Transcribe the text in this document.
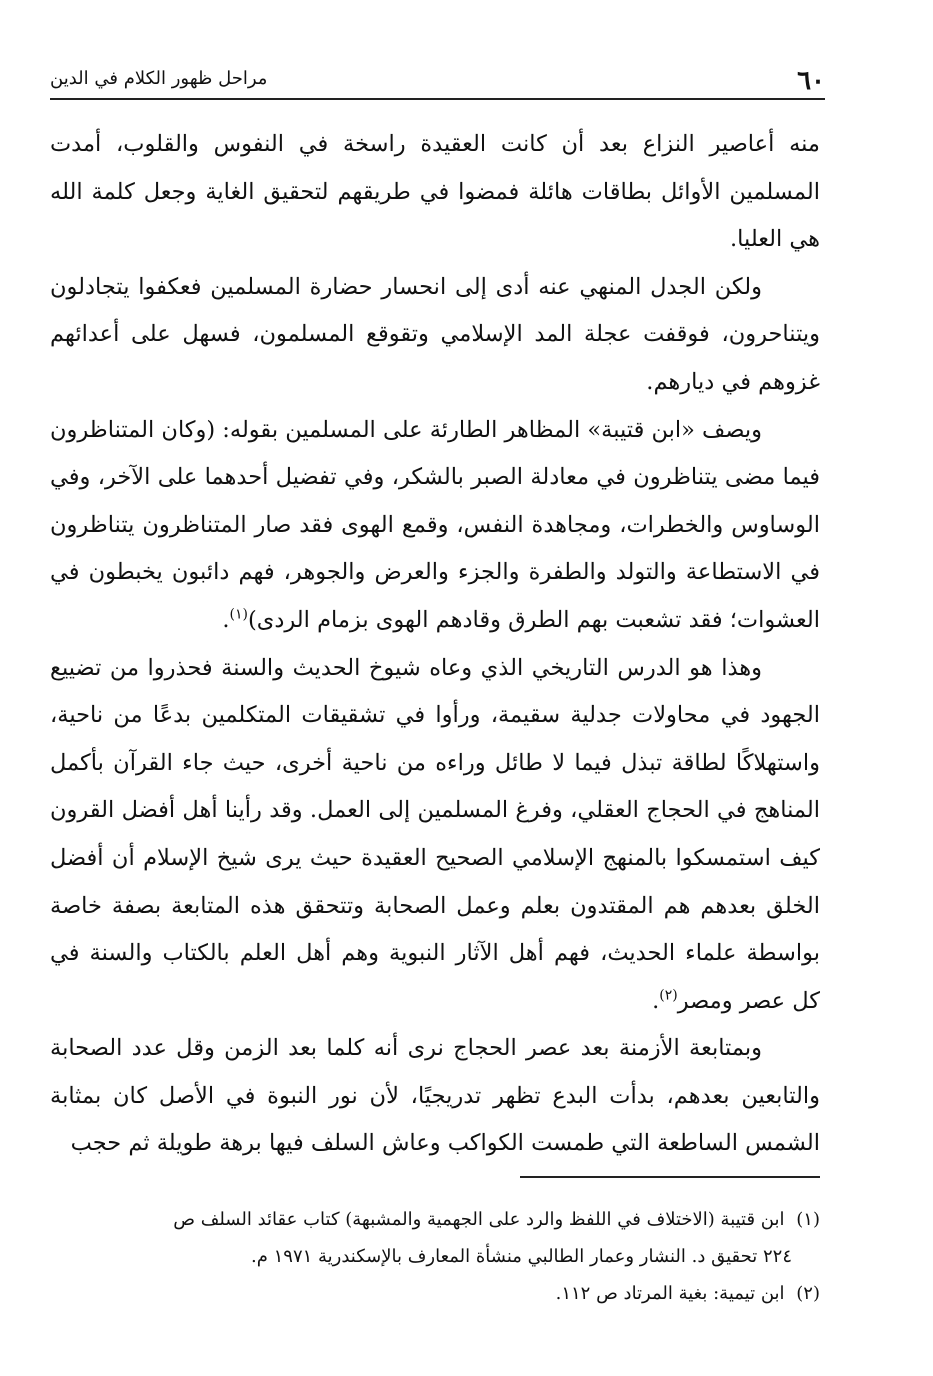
٦٠
مراحل ظهور الكلام في الدين

منه أعاصير النزاع بعد أن كانت العقيدة راسخة في النفوس والقلوب، أمدت المسلمين الأوائل بطاقات هائلة فمضوا في طريقهم لتحقيق الغاية وجعل كلمة الله هي العليا.

ولكن الجدل المنهي عنه أدى إلى انحسار حضارة المسلمين فعكفوا يتجادلون ويتناحرون، فوقفت عجلة المد الإسلامي وتقوقع المسلمون، فسهل على أعدائهم غزوهم في ديارهم.

ويصف «ابن قتيبة» المظاهر الطارئة على المسلمين بقوله: (وكان المتناظرون فيما مضى يتناظرون في معادلة الصبر بالشكر، وفي تفضيل أحدهما على الآخر، وفي الوساوس والخطرات، ومجاهدة النفس، وقمع الهوى فقد صار المتناظرون يتناظرون في الاستطاعة والتولد والطفرة والجزء والعرض والجوهر، فهم دائبون يخبطون في العشوات؛ فقد تشعبت بهم الطرق وقادهم الهوى بزمام الردى)$^{(١)}$.

وهذا هو الدرس التاريخي الذي وعاه شيوخ الحديث والسنة فحذروا من تضييع الجهود في محاولات جدلية سقيمة، ورأوا في تشقيقات المتكلمين بدعًا من ناحية، واستهلاكًا لطاقة تبذل فيما لا طائل وراءه من ناحية أخرى، حيث جاء القرآن بأكمل المناهج في الحجاج العقلي، وفرغ المسلمين إلى العمل. وقد رأينا أهل أفضل القرون كيف استمسكوا بالمنهج الإسلامي الصحيح العقيدة حيث يرى شيخ الإسلام أن أفضل الخلق بعدهم هم المقتدون بعلم وعمل الصحابة وتتحقق هذه المتابعة بصفة خاصة بواسطة علماء الحديث، فهم أهل الآثار النبوية وهم أهل العلم بالكتاب والسنة في كل عصر ومصر$^{(٢)}$.

وبمتابعة الأزمنة بعد عصر الحجاج نرى أنه كلما بعد الزمن وقل عدد الصحابة والتابعين بعدهم، بدأت البدع تظهر تدريجيًا، لأن نور النبوة في الأصل كان بمثابة الشمس الساطعة التي طمست الكواكب وعاش السلف فيها برهة طويلة ثم حجب

(١) ابن قتيبة (الاختلاف في اللفظ والرد على الجهمية والمشبهة) كتاب عقائد السلف ص

٢٢٤ تحقيق د. النشار وعمار الطالبي منشأة المعارف بالإسكندرية ١٩٧١ م.

(٢) ابن تيمية: بغية المرتاد ص ١١٢.
